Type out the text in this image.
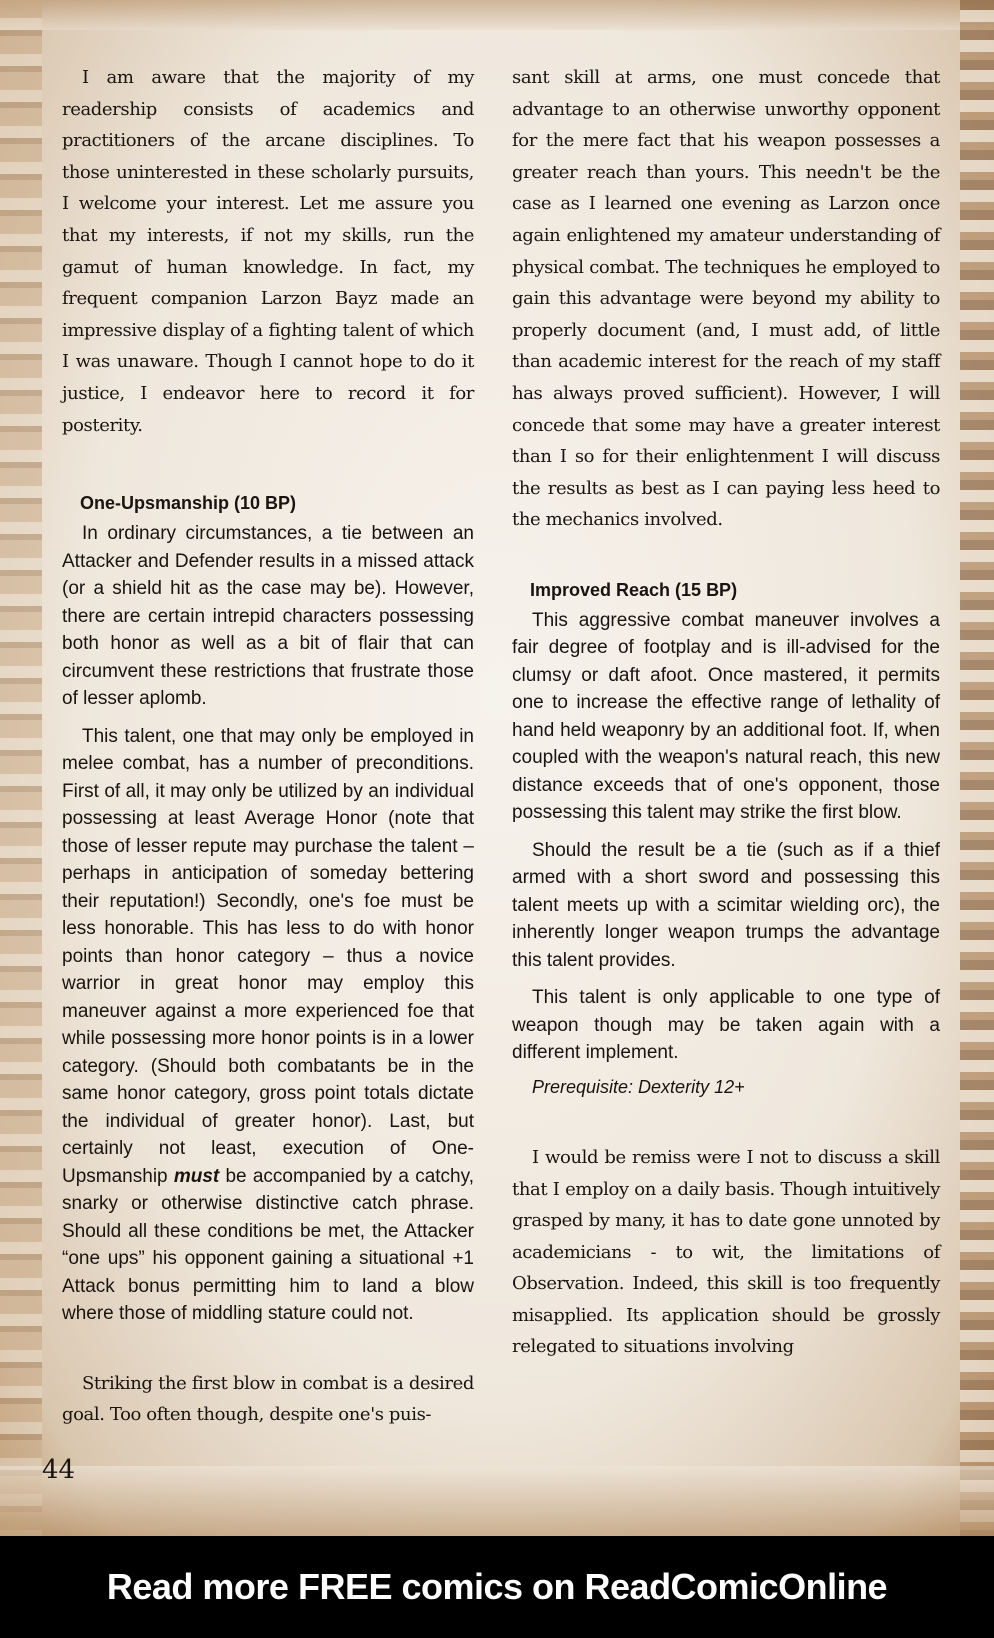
I am aware that the majority of my readership consists of academics and practitioners of the arcane disciplines. To those uninterested in these scholarly pursuits, I welcome your interest. Let me assure you that my interests, if not my skills, run the gamut of human knowledge. In fact, my frequent companion Larzon Bayz made an impressive display of a fighting talent of which I was unaware. Though I cannot hope to do it justice, I endeavor here to record it for posterity.

One-Upsmanship (10 BP)

In ordinary circumstances, a tie between an Attacker and Defender results in a missed attack (or a shield hit as the case may be). However, there are certain intrepid characters possessing both honor as well as a bit of flair that can circumvent these restrictions that frustrate those of lesser aplomb.

This talent, one that may only be employed in melee combat, has a number of preconditions. First of all, it may only be utilized by an individual possessing at least Average Honor (note that those of lesser repute may purchase the talent – perhaps in anticipation of someday bettering their reputation!) Secondly, one's foe must be less honorable. This has less to do with honor points than honor category – thus a novice warrior in great honor may employ this maneuver against a more experienced foe that while possessing more honor points is in a lower category. (Should both combatants be in the same honor category, gross point totals dictate the individual of greater honor). Last, but certainly not least, execution of One-Upsmanship must be accompanied by a catchy, snarky or otherwise distinctive catch phrase. Should all these conditions be met, the Attacker “one ups” his opponent gaining a situational +1 Attack bonus permitting him to land a blow where those of middling stature could not.

Striking the first blow in combat is a desired goal. Too often though, despite one's puis-

sant skill at arms, one must concede that advantage to an otherwise unworthy opponent for the mere fact that his weapon possesses a greater reach than yours. This needn't be the case as I learned one evening as Larzon once again enlightened my amateur understanding of physical combat. The techniques he employed to gain this advantage were beyond my ability to properly document (and, I must add, of little than academic interest for the reach of my staff has always proved sufficient). However, I will concede that some may have a greater interest than I so for their enlightenment I will discuss the results as best as I can paying less heed to the mechanics involved.

Improved Reach (15 BP)

This aggressive combat maneuver involves a fair degree of footplay and is ill-advised for the clumsy or daft afoot. Once mastered, it permits one to increase the effective range of lethality of hand held weaponry by an additional foot. If, when coupled with the weapon's natural reach, this new distance exceeds that of one's opponent, those possessing this talent may strike the first blow.

Should the result be a tie (such as if a thief armed with a short sword and possessing this talent meets up with a scimitar wielding orc), the inherently longer weapon trumps the advantage this talent provides.

This talent is only applicable to one type of weapon though may be taken again with a different implement.

Prerequisite: Dexterity 12+

I would be remiss were I not to discuss a skill that I employ on a daily basis. Though intuitively grasped by many, it has to date gone unnoted by academicians - to wit, the limitations of Observation. Indeed, this skill is too frequently misapplied. Its application should be grossly relegated to situations involving

44
Read more FREE comics on ReadComicOnline
